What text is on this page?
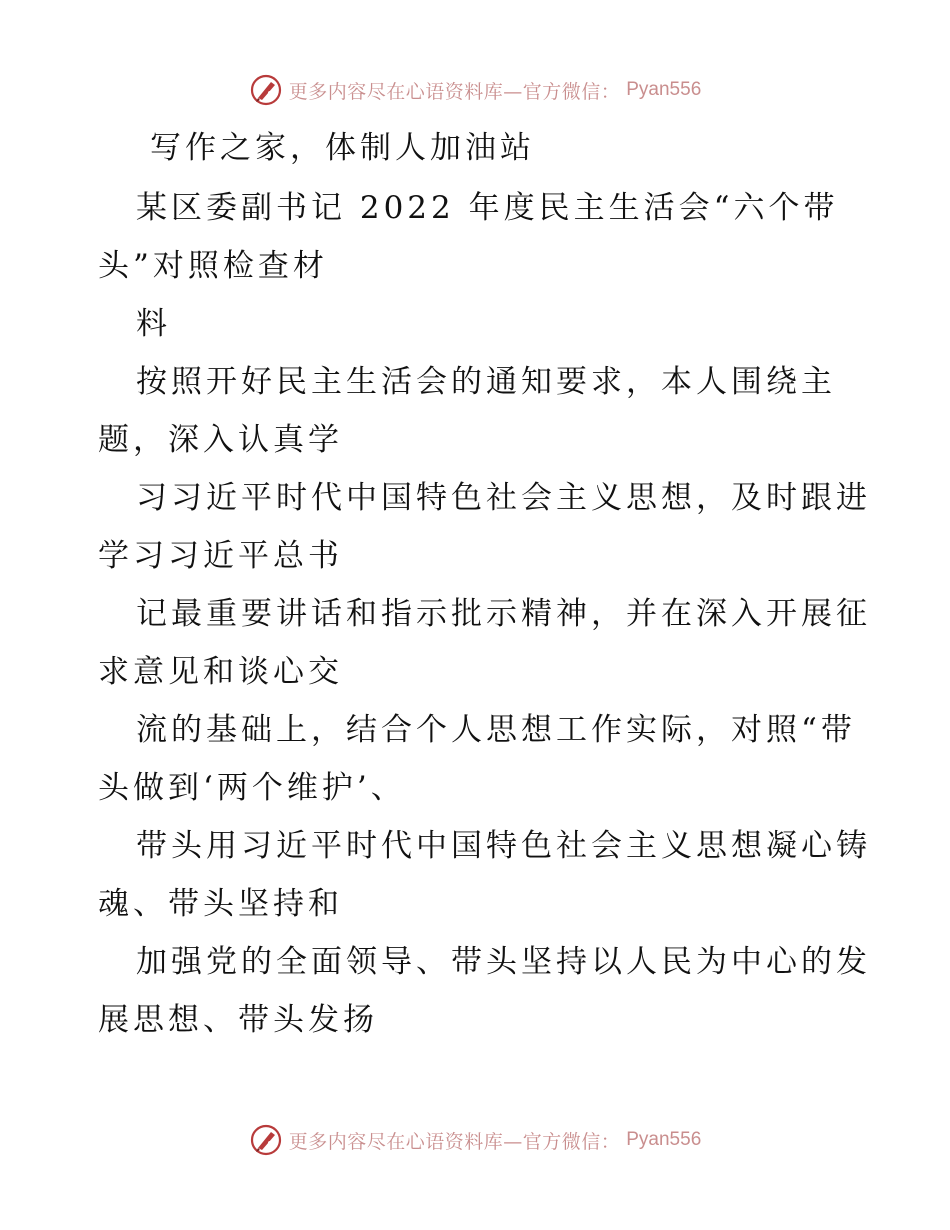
更多内容尽在心语资料库—官方微信： Pyan556
写作之家，体制人加油站
某区委副书记 2022 年度民主生活会“六个带
头”对照检查材
料
按照开好民主生活会的通知要求，本人围绕主
题，深入认真学
习习近平时代中国特色社会主义思想，及时跟进
学习习近平总书
记最重要讲话和指示批示精神，并在深入开展征
求意见和谈心交
流的基础上，结合个人思想工作实际，对照“带
头做到‘两个维护’、
带头用习近平时代中国特色社会主义思想凝心铸
魂、带头坚持和
加强党的全面领导、带头坚持以人民为中心的发
展思想、带头发扬
更多内容尽在心语资料库—官方微信： Pyan556
